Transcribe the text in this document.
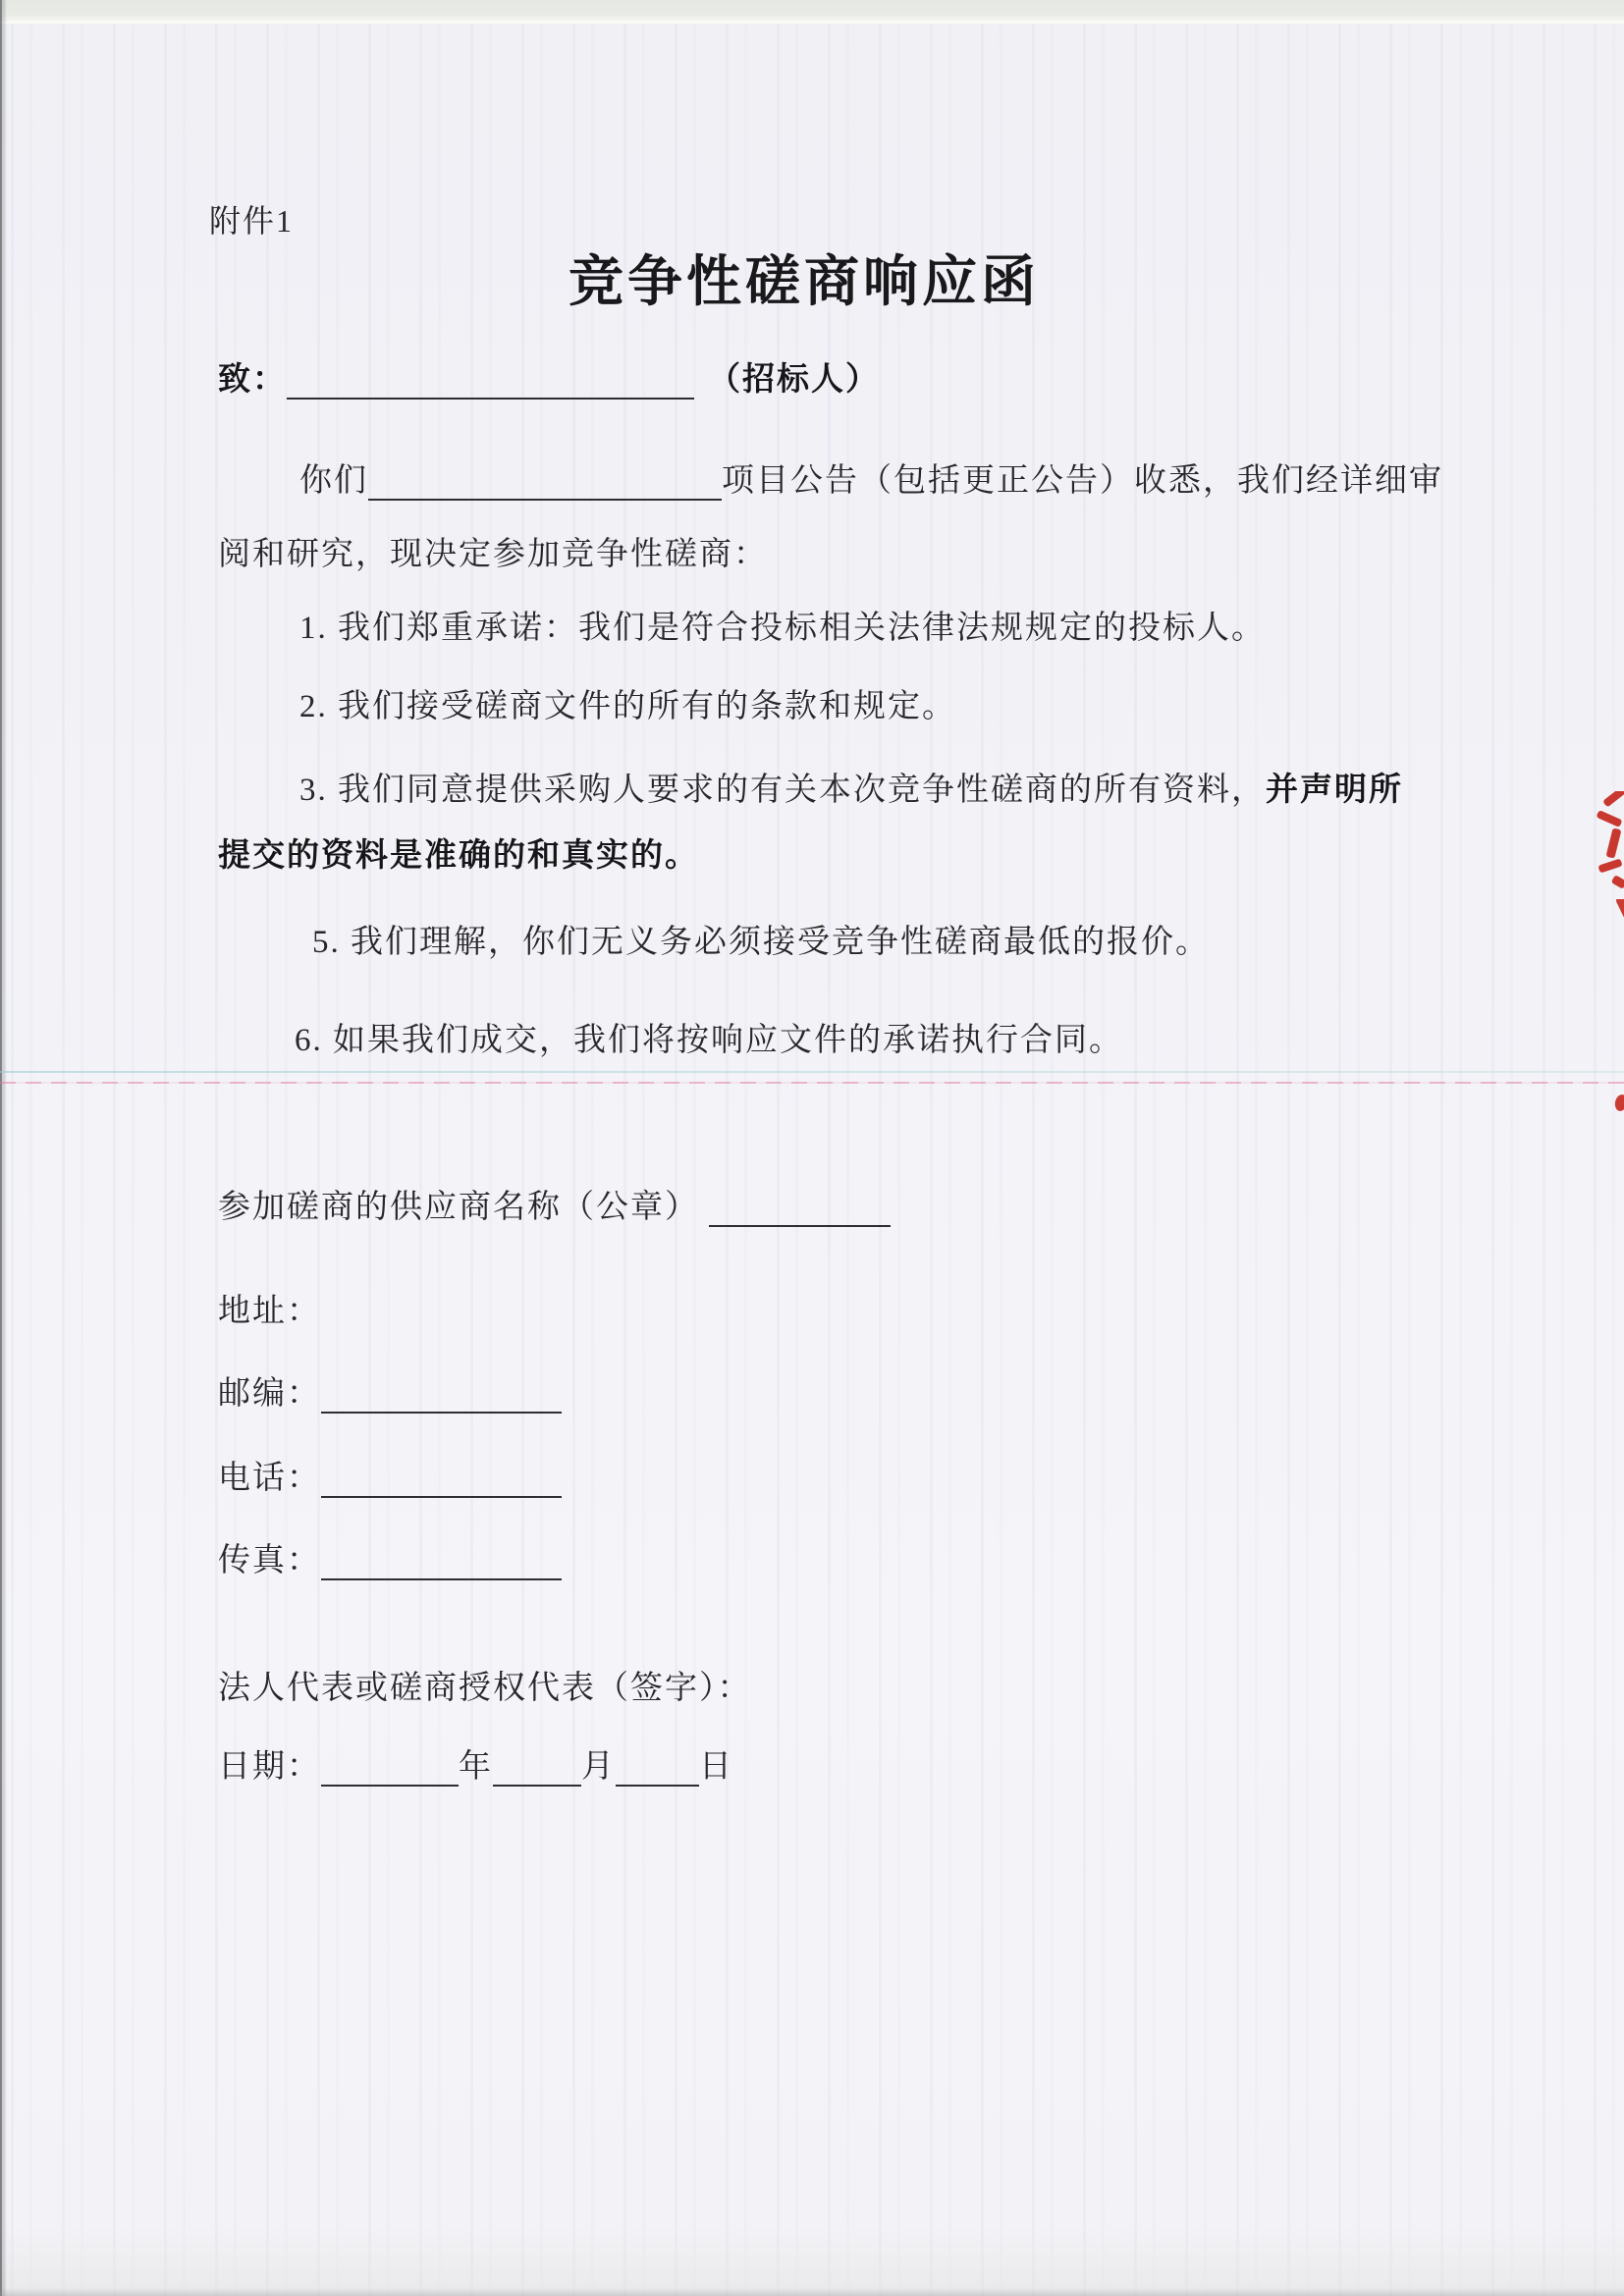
附件1
竞争性磋商响应函
致：	（招标人）
你们	项目公告（包括更正公告）收悉，我们经详细审
阅和研究，现决定参加竞争性磋商：
1. 我们郑重承诺：我们是符合投标相关法律法规规定的投标人。
2. 我们接受磋商文件的所有的条款和规定。
3. 我们同意提供采购人要求的有关本次竞争性磋商的所有资料，并声明所
提交的资料是准确的和真实的。
5. 我们理解，你们无义务必须接受竞争性磋商最低的报价。
6. 如果我们成交，我们将按响应文件的承诺执行合同。
参加磋商的供应商名称（公章）
地址：
邮编：
电话：
传真：
法人代表或磋商授权代表（签字）：
日期：	年	月	日
